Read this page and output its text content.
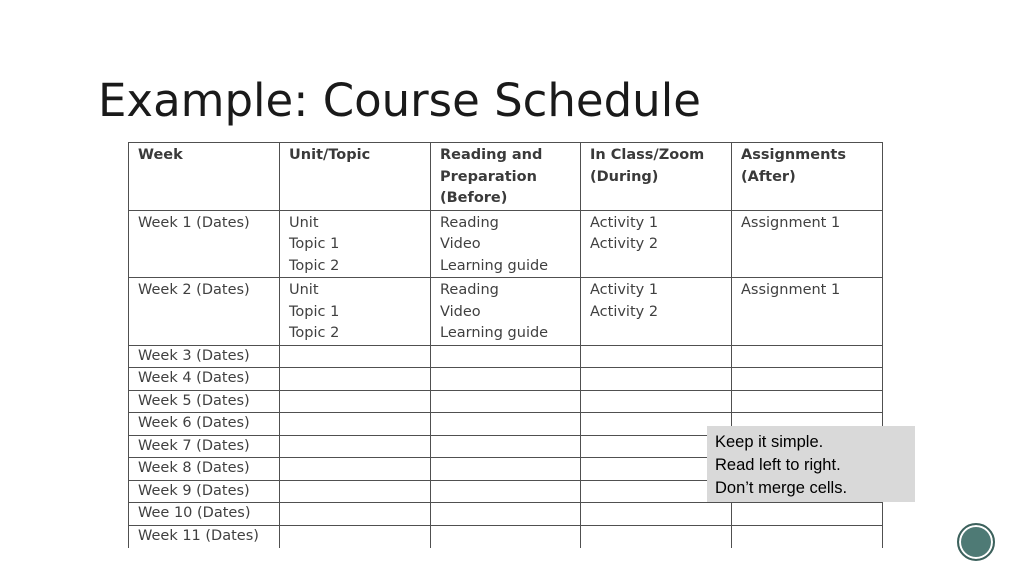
Example: Course Schedule
Week	Unit/Topic	Reading and
Preparation
(Before)	In Class/Zoom
(During)	Assignments
(After)

Week 1 (Dates)	Unit
Topic 1
Topic 2	Reading
Video
Learning guide	Activity 1
Activity 2	Assignment 1

Week 2 (Dates)	Unit
Topic 1
Topic 2	Reading
Video
Learning guide	Activity 1
Activity 2	Assignment 1

Week 3 (Dates)				
Week 4 (Dates)				
Week 5 (Dates)				
Week 6 (Dates)				
Week 7 (Dates)				
Week 8 (Dates)				
Week 9 (Dates)				
Wee 10 (Dates)				
Week 11 (Dates)				
Keep it simple.
Read left to right.
Don’t merge cells.
